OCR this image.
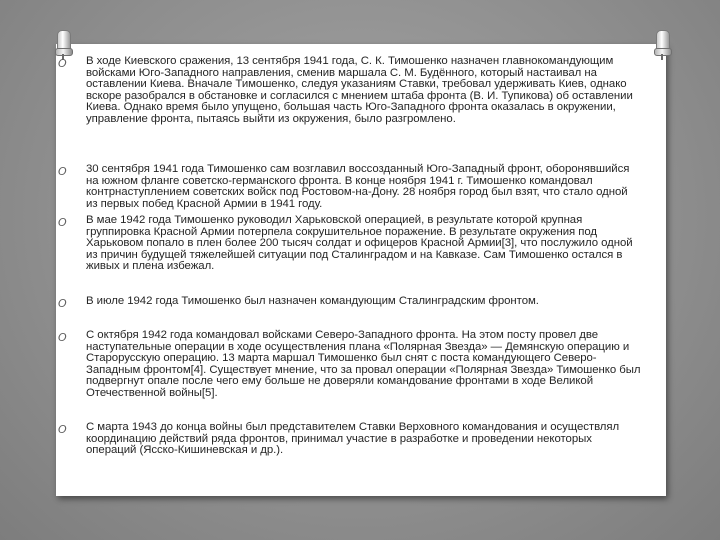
O В ходе Киевского сражения, 13 сентября 1941 года, С. К. Тимошенко назначен главнокомандующим войсками Юго-Западного направления, сменив маршала С. М. Будённого, который настаивал на оставлении Киева. Вначале Тимошенко, следуя указаниям Ставки, требовал удерживать Киев, однако вскоре разобрался в обстановке и согласился с мнением штаба фронта (В. И. Тупикова) об оставлении Киева. Однако время было упущено, большая часть Юго-Западного фронта оказалась в окружении, управление фронта, пытаясь выйти из окружения, было разгромлено.
O 30 сентября 1941 года Тимошенко сам возглавил воссозданный Юго-Западный фронт, оборонявшийся на южном фланге советско-германского фронта. В конце ноября 1941 г. Тимошенко командовал контрнаступлением советских войск под Ростовом-на-Дону. 28 ноября город был взят, что стало одной из первых побед Красной Армии в 1941 году.
O В мае 1942 года Тимошенко руководил Харьковской операцией, в результате которой крупная группировка Красной Армии потерпела сокрушительное поражение. В результате окружения под Харьковом попало в плен более 200 тысяч солдат и офицеров Красной Армии[3], что послужило одной из причин будущей тяжелейшей ситуации под Сталинградом и на Кавказе. Сам Тимошенко остался в живых и плена избежал.
O В июле 1942 года Тимошенко был назначен командующим Сталинградским фронтом.
O С октября 1942 года командовал войсками Северо-Западного фронта. На этом посту провел две наступательные операции в ходе осуществления плана «Полярная Звезда» — Демянскую операцию и Старорусскую операцию. 13 марта маршал Тимошенко был снят с поста командующего Северо-Западным фронтом[4]. Существует мнение, что за провал операции «Полярная Звезда» Тимошенко был подвергнут опале после чего ему больше не доверяли командование фронтами в ходе Великой Отечественной войны[5].
O С марта 1943 до конца войны был представителем Ставки Верховного командования и осуществлял координацию действий ряда фронтов, принимал участие в разработке и проведении некоторых операций (Ясско-Кишиневская и др.).
